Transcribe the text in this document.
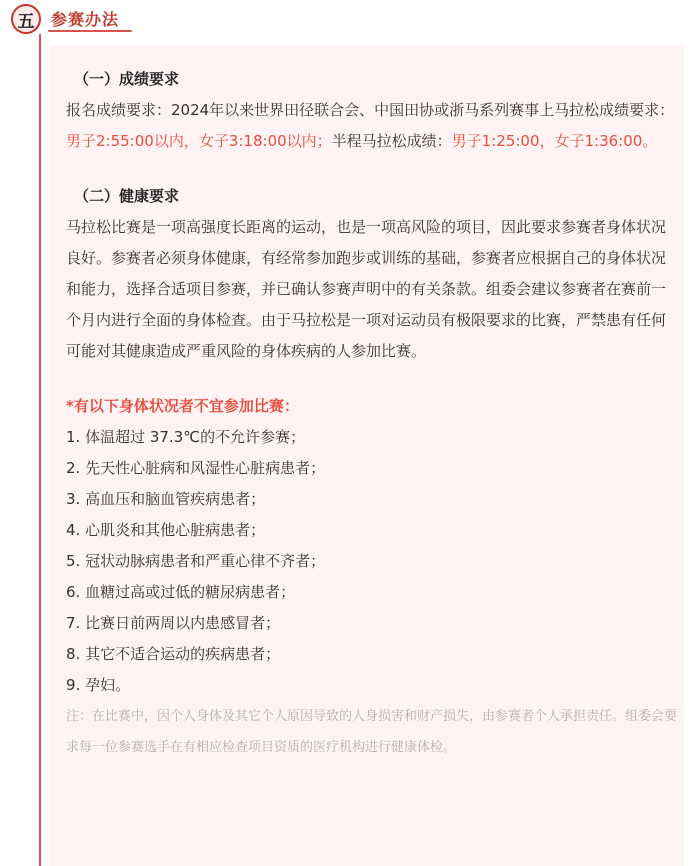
五	参赛办法
（一）成绩要求

报名成绩要求：2024年以来世界田径联合会、中国田协或浙马系列赛事上马拉松成绩要求：男子2:55:00以内，女子3:18:00以内；半程马拉松成绩：男子1:25:00，女子1:36:00。

（二）健康要求

马拉松比赛是一项高强度长距离的运动，也是一项高风险的项目，因此要求参赛者身体状况良好。参赛者必须身体健康，有经常参加跑步或训练的基础，参赛者应根据自己的身体状况和能力，选择合适项目参赛，并已确认参赛声明中的有关条款。组委会建议参赛者在赛前一个月内进行全面的身体检查。由于马拉松是一项对运动员有极限要求的比赛，严禁患有任何可能对其健康造成严重风险的身体疾病的人参加比赛。

*有以下身体状况者不宜参加比赛：
1. 体温超过 37.3℃的不允许参赛；
2. 先天性心脏病和风湿性心脏病患者；
3. 高血压和脑血管疾病患者；
4. 心肌炎和其他心脏病患者；
5. 冠状动脉病患者和严重心律不齐者；
6. 血糖过高或过低的糖尿病患者；
7. 比赛日前两周以内患感冒者；
8. 其它不适合运动的疾病患者；
9. 孕妇。

注：在比赛中，因个人身体及其它个人原因导致的人身损害和财产损失，由参赛者个人承担责任。组委会要求每一位参赛选手在有相应检查项目资质的医疗机构进行健康体检。
